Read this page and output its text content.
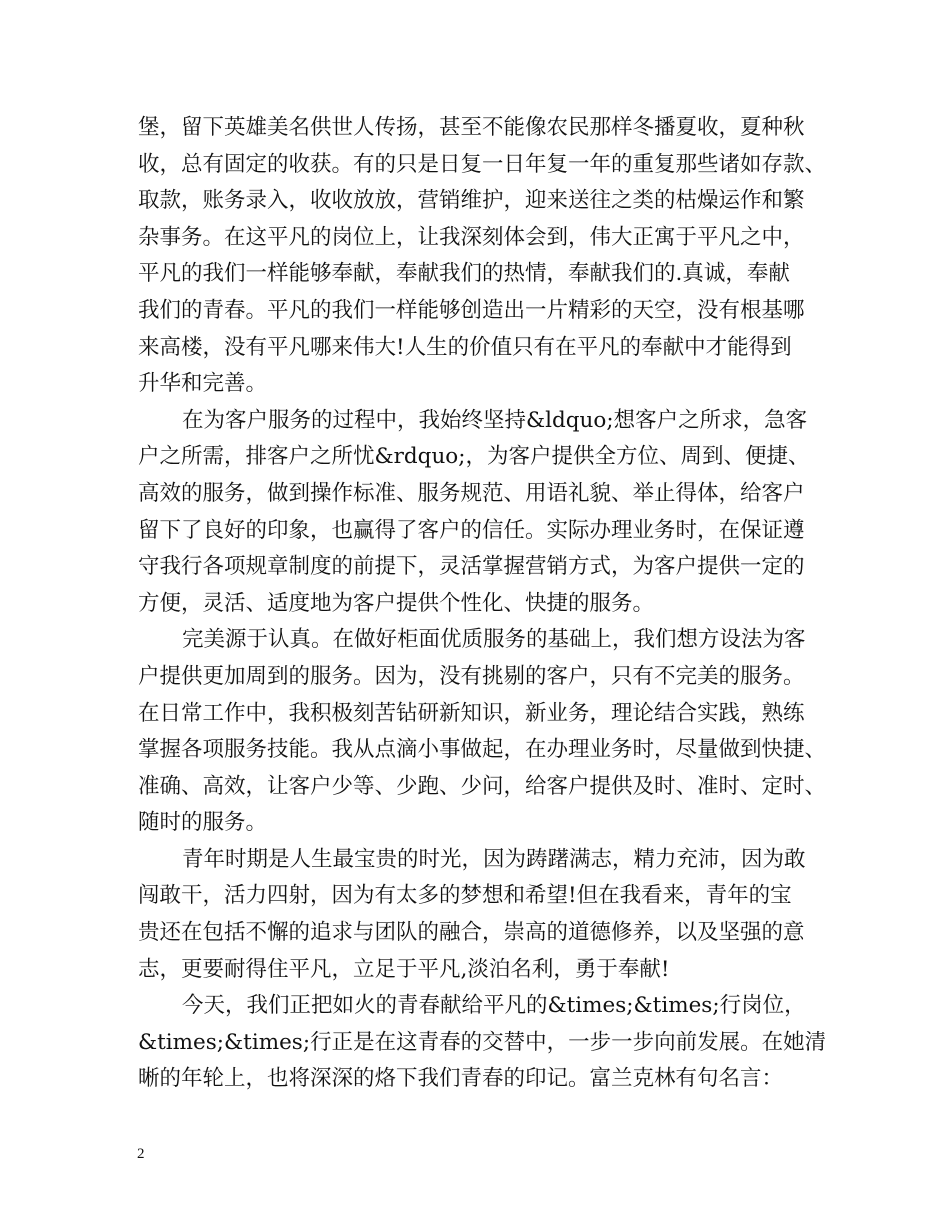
堡，留下英雄美名供世人传扬，甚至不能像农民那样冬播夏收，夏种秋
收，总有固定的收获。有的只是日复一日年复一年的重复那些诸如存款、
取款，账务录入，收收放放，营销维护，迎来送往之类的枯燥运作和繁
杂事务。在这平凡的岗位上，让我深刻体会到，伟大正寓于平凡之中，
平凡的我们一样能够奉献，奉献我们的热情，奉献我们的.真诚，奉献
我们的青春。平凡的我们一样能够创造出一片精彩的天空，没有根基哪
来高楼，没有平凡哪来伟大!人生的价值只有在平凡的奉献中才能得到
升华和完善。
在为客户服务的过程中，我始终坚持&ldquo;想客户之所求，急客
户之所需，排客户之所忧&rdquo;，为客户提供全方位、周到、便捷、
高效的服务，做到操作标准、服务规范、用语礼貌、举止得体，给客户
留下了良好的印象，也赢得了客户的信任。实际办理业务时，在保证遵
守我行各项规章制度的前提下，灵活掌握营销方式，为客户提供一定的
方便，灵活、适度地为客户提供个性化、快捷的服务。
完美源于认真。在做好柜面优质服务的基础上，我们想方设法为客
户提供更加周到的服务。因为，没有挑剔的客户，只有不完美的服务。
在日常工作中，我积极刻苦钻研新知识，新业务，理论结合实践，熟练
掌握各项服务技能。我从点滴小事做起，在办理业务时，尽量做到快捷、
准确、高效，让客户少等、少跑、少问，给客户提供及时、准时、定时、
随时的服务。
青年时期是人生最宝贵的时光，因为踌躇满志，精力充沛，因为敢
闯敢干，活力四射，因为有太多的梦想和希望!但在我看来，青年的宝
贵还在包括不懈的追求与团队的融合，崇高的道德修养，以及坚强的意
志，更要耐得住平凡，立足于平凡,淡泊名利，勇于奉献!
今天，我们正把如火的青春献给平凡的&times;&times;行岗位，
&times;&times;行正是在这青春的交替中，一步一步向前发展。在她清
晰的年轮上，也将深深的烙下我们青春的印记。富兰克林有句名言：
2
